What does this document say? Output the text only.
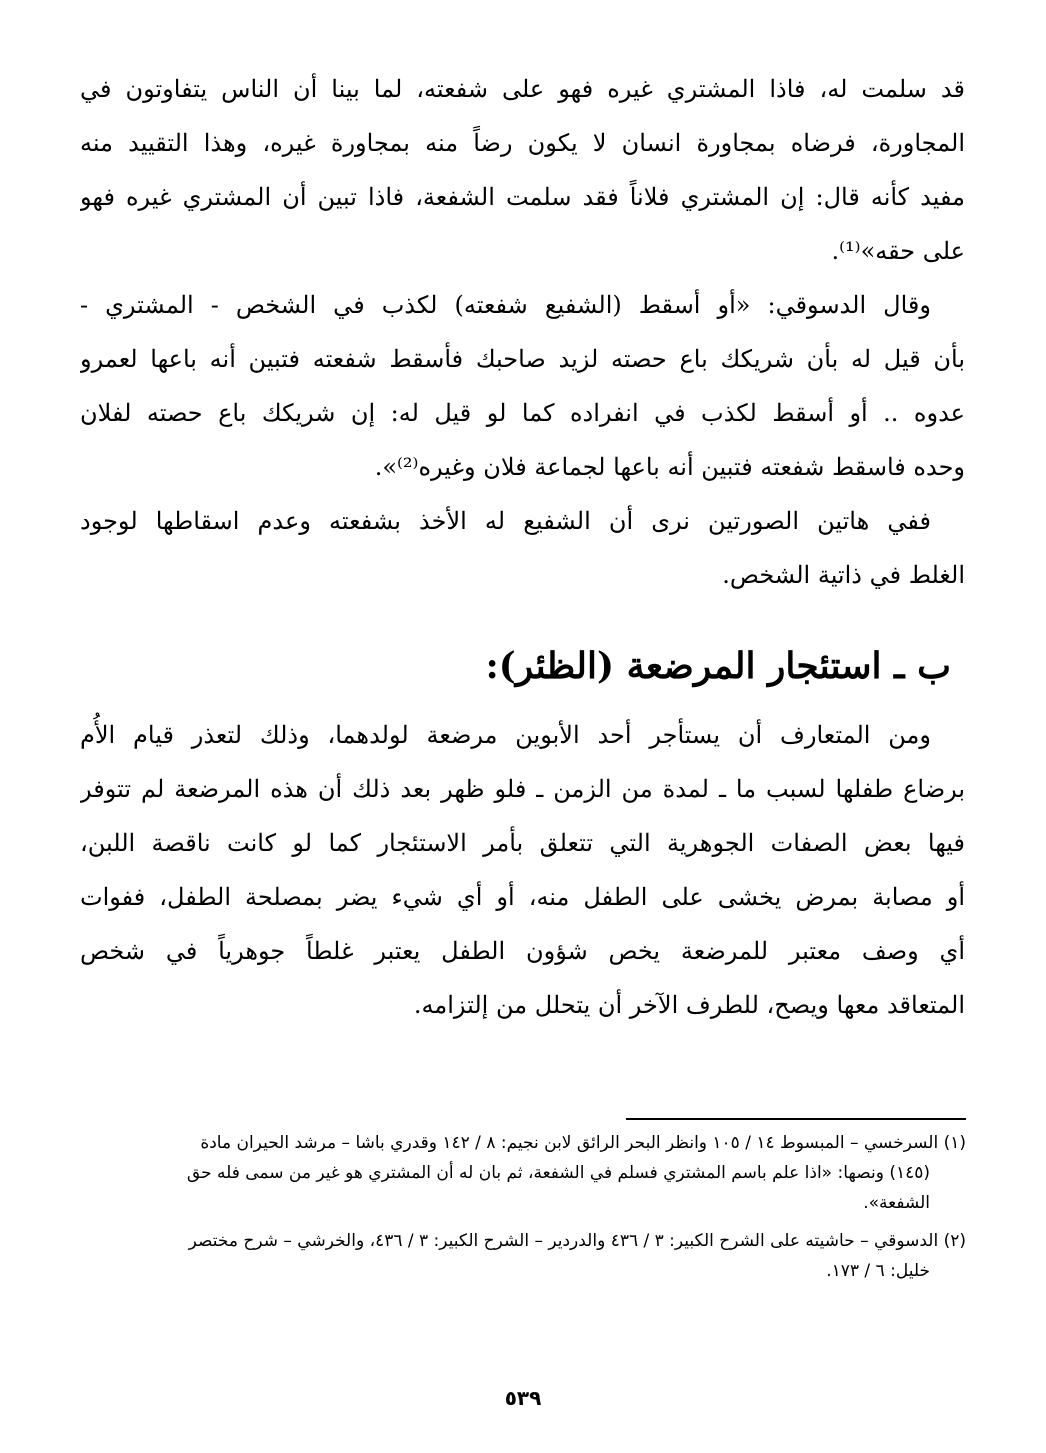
قد سلمت له، فاذا المشتري غيره فهو على شفعته، لما بينا أن الناس يتفاوتون في
المجاورة، فرضاه بمجاورة انسان لا يكون رضاً منه بمجاورة غيره، وهذا التقييد منه
مفيد كأنه قال: إن المشتري فلاناً فقد سلمت الشفعة، فاذا تبين أن المشتري غيره فهو
على حقه»⁽¹⁾.

وقال الدسوقي: «أو أسقط (الشفيع شفعته) لكذب في الشخص - المشتري -
بأن قيل له بأن شريكك باع حصته لزيد صاحبك فأسقط شفعته فتبين أنه باعها لعمرو
عدوه .. أو أسقط لكذب في انفراده كما لو قيل له: إن شريكك باع حصته لفلان
وحده فاسقط شفعته فتبين أنه باعها لجماعة فلان وغيره⁽²⁾».

ففي هاتين الصورتين نرى أن الشفيع له الأخذ بشفعته وعدم اسقاطها لوجود
الغلط في ذاتية الشخص.

ب ـ استئجار المرضعة (الظئر):

ومن المتعارف أن يستأجر أحد الأبوين مرضعة لولدهما، وذلك لتعذر قيام الأُم
برضاع طفلها لسبب ما ـ لمدة من الزمن ـ فلو ظهر بعد ذلك أن هذه المرضعة لم تتوفر
فيها بعض الصفات الجوهرية التي تتعلق بأمر الاستئجار كما لو كانت ناقصة اللبن،
أو مصابة بمرض يخشى على الطفل منه، أو أي شيء يضر بمصلحة الطفل، ففوات
أي وصف معتبر للمرضعة يخص شؤون الطفل يعتبر غلطاً جوهرياً في شخص
المتعاقد معها ويصح، للطرف الآخر أن يتحلل من إلتزامه.

(١) السرخسي – المبسوط ١٤ / ١٠٥ وانظر البحر الرائق لابن نجيم: ٨ / ١٤٢ وقدري باشا – مرشد الحيران مادة
(١٤٥) ونصها: «اذا علم باسم المشتري فسلم في الشفعة، ثم بان له أن المشتري هو غير من سمى فله حق
الشفعة».
(٢) الدسوقي – حاشيته على الشرح الكبير: ٣ / ٤٣٦ والدردير – الشرح الكبير: ٣ / ٤٣٦، والخرشي – شرح مختصر
خليل: ٦ / ١٧٣.
٥٣٩
